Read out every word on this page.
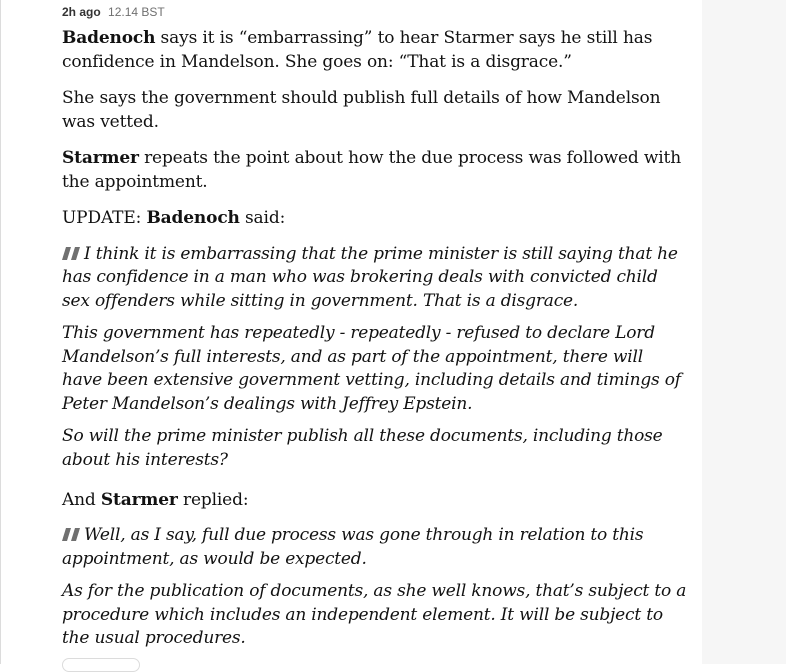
2h ago 12.14 BST

Badenoch says it is “embarrassing” to hear Starmer says he still has confidence in Mandelson. She goes on: “That is a disgrace.”

She says the government should publish full details of how Mandelson was vetted.

Starmer repeats the point about how the due process was followed with the appointment.

UPDATE: Badenoch said:

I think it is embarrassing that the prime minister is still saying that he has confidence in a man who was brokering deals with convicted child sex offenders while sitting in government. That is a disgrace.

This government has repeatedly - repeatedly - refused to declare Lord Mandelson’s full interests, and as part of the appointment, there will have been extensive government vetting, including details and timings of Peter Mandelson’s dealings with Jeffrey Epstein.

So will the prime minister publish all these documents, including those about his interests?

And Starmer replied:

Well, as I say, full due process was gone through in relation to this appointment, as would be expected.

As for the publication of documents, as she well knows, that’s subject to a procedure which includes an independent element. It will be subject to the usual procedures.
